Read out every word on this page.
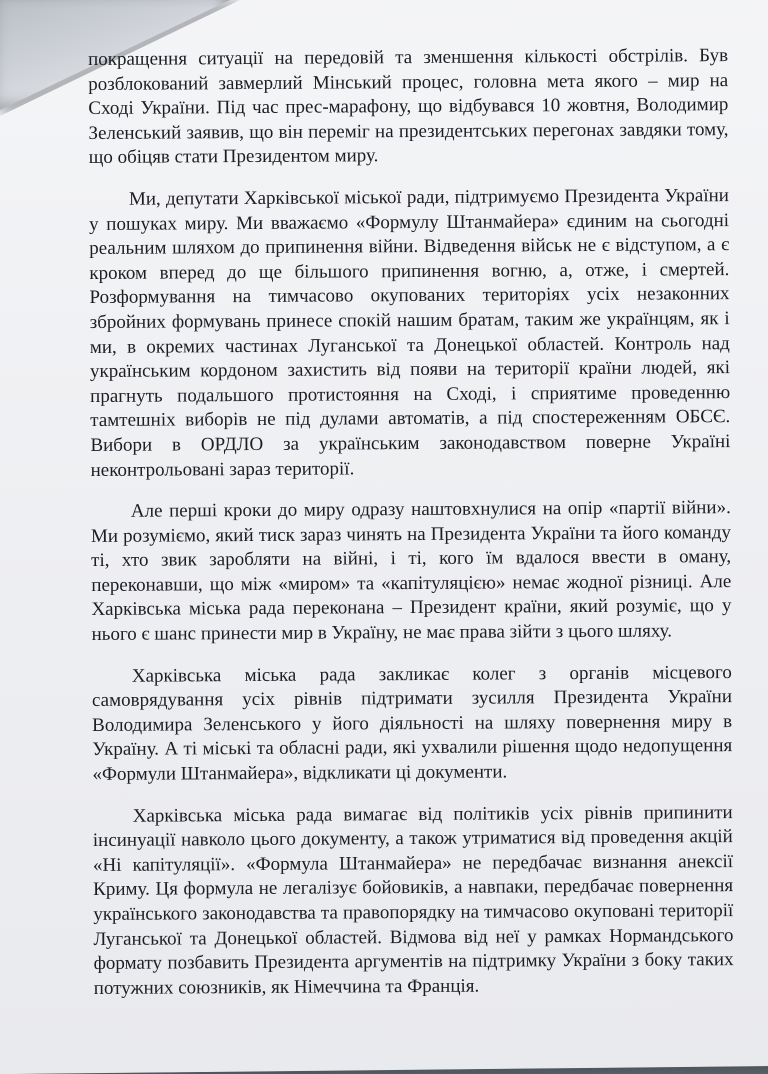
покращення ситуації на передовій та зменшення кількості обстрілів. Був розблокований завмерлий Мінський процес, головна мета якого – мир на Сході України. Під час прес-марафону, що відбувався 10 жовтня, Володимир Зеленський заявив, що він переміг на президентських перегонах завдяки тому, що обіцяв стати Президентом миру.

Ми, депутати Харківської міської ради, підтримуємо Президента України у пошуках миру. Ми вважаємо «Формулу Штанмайера» єдиним на сьогодні реальним шляхом до припинення війни. Відведення військ не є відступом, а є кроком вперед до ще більшого припинення вогню, а, отже, і смертей. Розформування на тимчасово окупованих територіях усіх незаконних збройних формувань принесе спокій нашим братам, таким же українцям, як і ми, в окремих частинах Луганської та Донецької областей. Контроль над українським кордоном захистить від появи на території країни людей, які прагнуть подальшого протистояння на Сході, і сприятиме проведенню тамтешніх виборів не під дулами автоматів, а під спостереженням ОБСЄ. Вибори в ОРДЛО за українським законодавством поверне Україні неконтрольовані зараз території.

Але перші кроки до миру одразу наштовхнулися на опір «партії війни». Ми розуміємо, який тиск зараз чинять на Президента України та його команду ті, хто звик заробляти на війні, і ті, кого їм вдалося ввести в оману, переконавши, що між «миром» та «капітуляцією» немає жодної різниці. Але Харківська міська рада переконана – Президент країни, який розуміє, що у нього є шанс принести мир в Україну, не має права зійти з цього шляху.

Харківська міська рада закликає колег з органів місцевого самоврядування усіх рівнів підтримати зусилля Президента України Володимира Зеленського у його діяльності на шляху повернення миру в Україну. А ті міські та обласні ради, які ухвалили рішення щодо недопущення «Формули Штанмайера», відкликати ці документи.

Харківська міська рада вимагає від політиків усіх рівнів припинити інсинуації навколо цього документу, а також утриматися від проведення акцій «Ні капітуляції». «Формула Штанмайера» не передбачає визнання анексії Криму. Ця формула не легалізує бойовиків, а навпаки, передбачає повернення українського законодавства та правопорядку на тимчасово окуповані території Луганської та Донецької областей. Відмова від неї у рамках Нормандського формату позбавить Президента аргументів на підтримку України з боку таких потужних союзників, як Німеччина та Франція.
